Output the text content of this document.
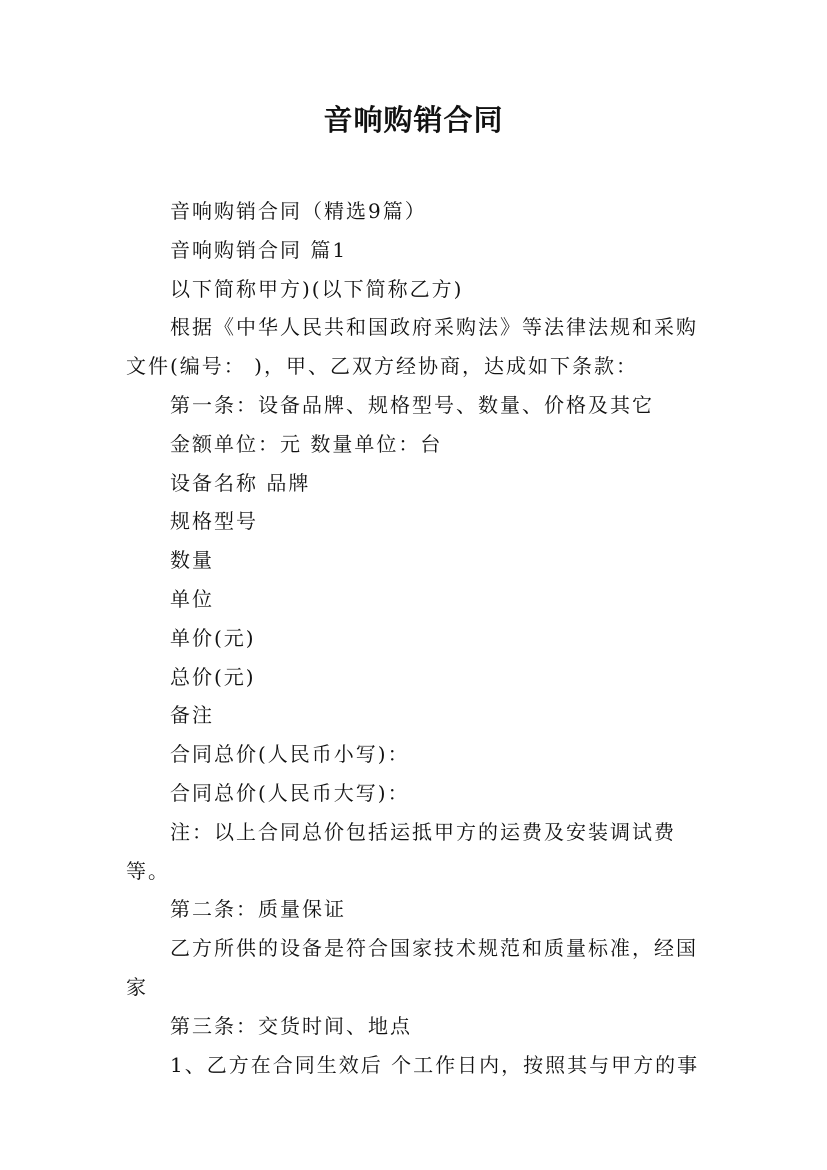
音响购销合同

音响购销合同（精选9篇）

音响购销合同 篇1

以下简称甲方)(以下简称乙方)

根据《中华人民共和国政府采购法》等法律法规和采购文件(编号： )，甲、乙双方经协商，达成如下条款：

第一条：设备品牌、规格型号、数量、价格及其它

金额单位：元 数量单位：台

设备名称 品牌

规格型号

数量

单位

单价(元)

总价(元)

备注

合同总价(人民币小写)：

合同总价(人民币大写)：

注：以上合同总价包括运抵甲方的运费及安装调试费等。

第二条：质量保证

乙方所供的设备是符合国家技术规范和质量标准，经国家

第三条：交货时间、地点

1、乙方在合同生效后 个工作日内，按照其与甲方的事
